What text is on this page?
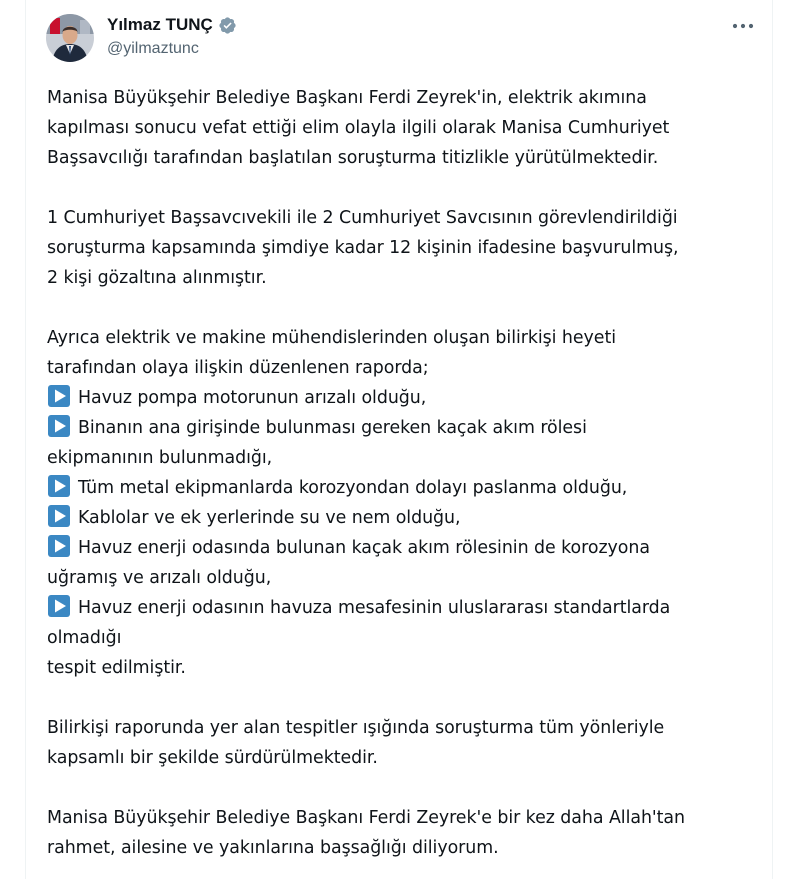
Yılmaz TUNÇ
@yilmaztunc
Manisa Büyükşehir Belediye Başkanı Ferdi Zeyrek'in, elektrik akımına
kapılması sonucu vefat ettiği elim olayla ilgili olarak Manisa Cumhuriyet
Başsavcılığı tarafından başlatılan soruşturma titizlikle yürütülmektedir.
1 Cumhuriyet Başsavcıvekili ile 2 Cumhuriyet Savcısının görevlendirildiği
soruşturma kapsamında şimdiye kadar 12 kişinin ifadesine başvurulmuş,
2 kişi gözaltına alınmıştır.
Ayrıca elektrik ve makine mühendislerinden oluşan bilirkişi heyeti
tarafından olaya ilişkin düzenlenen raporda;
Havuz pompa motorunun arızalı olduğu,
Binanın ana girişinde bulunması gereken kaçak akım rölesi
ekipmanının bulunmadığı,
Tüm metal ekipmanlarda korozyondan dolayı paslanma olduğu,
Kablolar ve ek yerlerinde su ve nem olduğu,
Havuz enerji odasında bulunan kaçak akım rölesinin de korozyona
uğramış ve arızalı olduğu,
Havuz enerji odasının havuza mesafesinin uluslararası standartlarda
olmadığı
tespit edilmiştir.
Bilirkişi raporunda yer alan tespitler ışığında soruşturma tüm yönleriyle
kapsamlı bir şekilde sürdürülmektedir.
Manisa Büyükşehir Belediye Başkanı Ferdi Zeyrek'e bir kez daha Allah'tan
rahmet, ailesine ve yakınlarına başsağlığı diliyorum.
